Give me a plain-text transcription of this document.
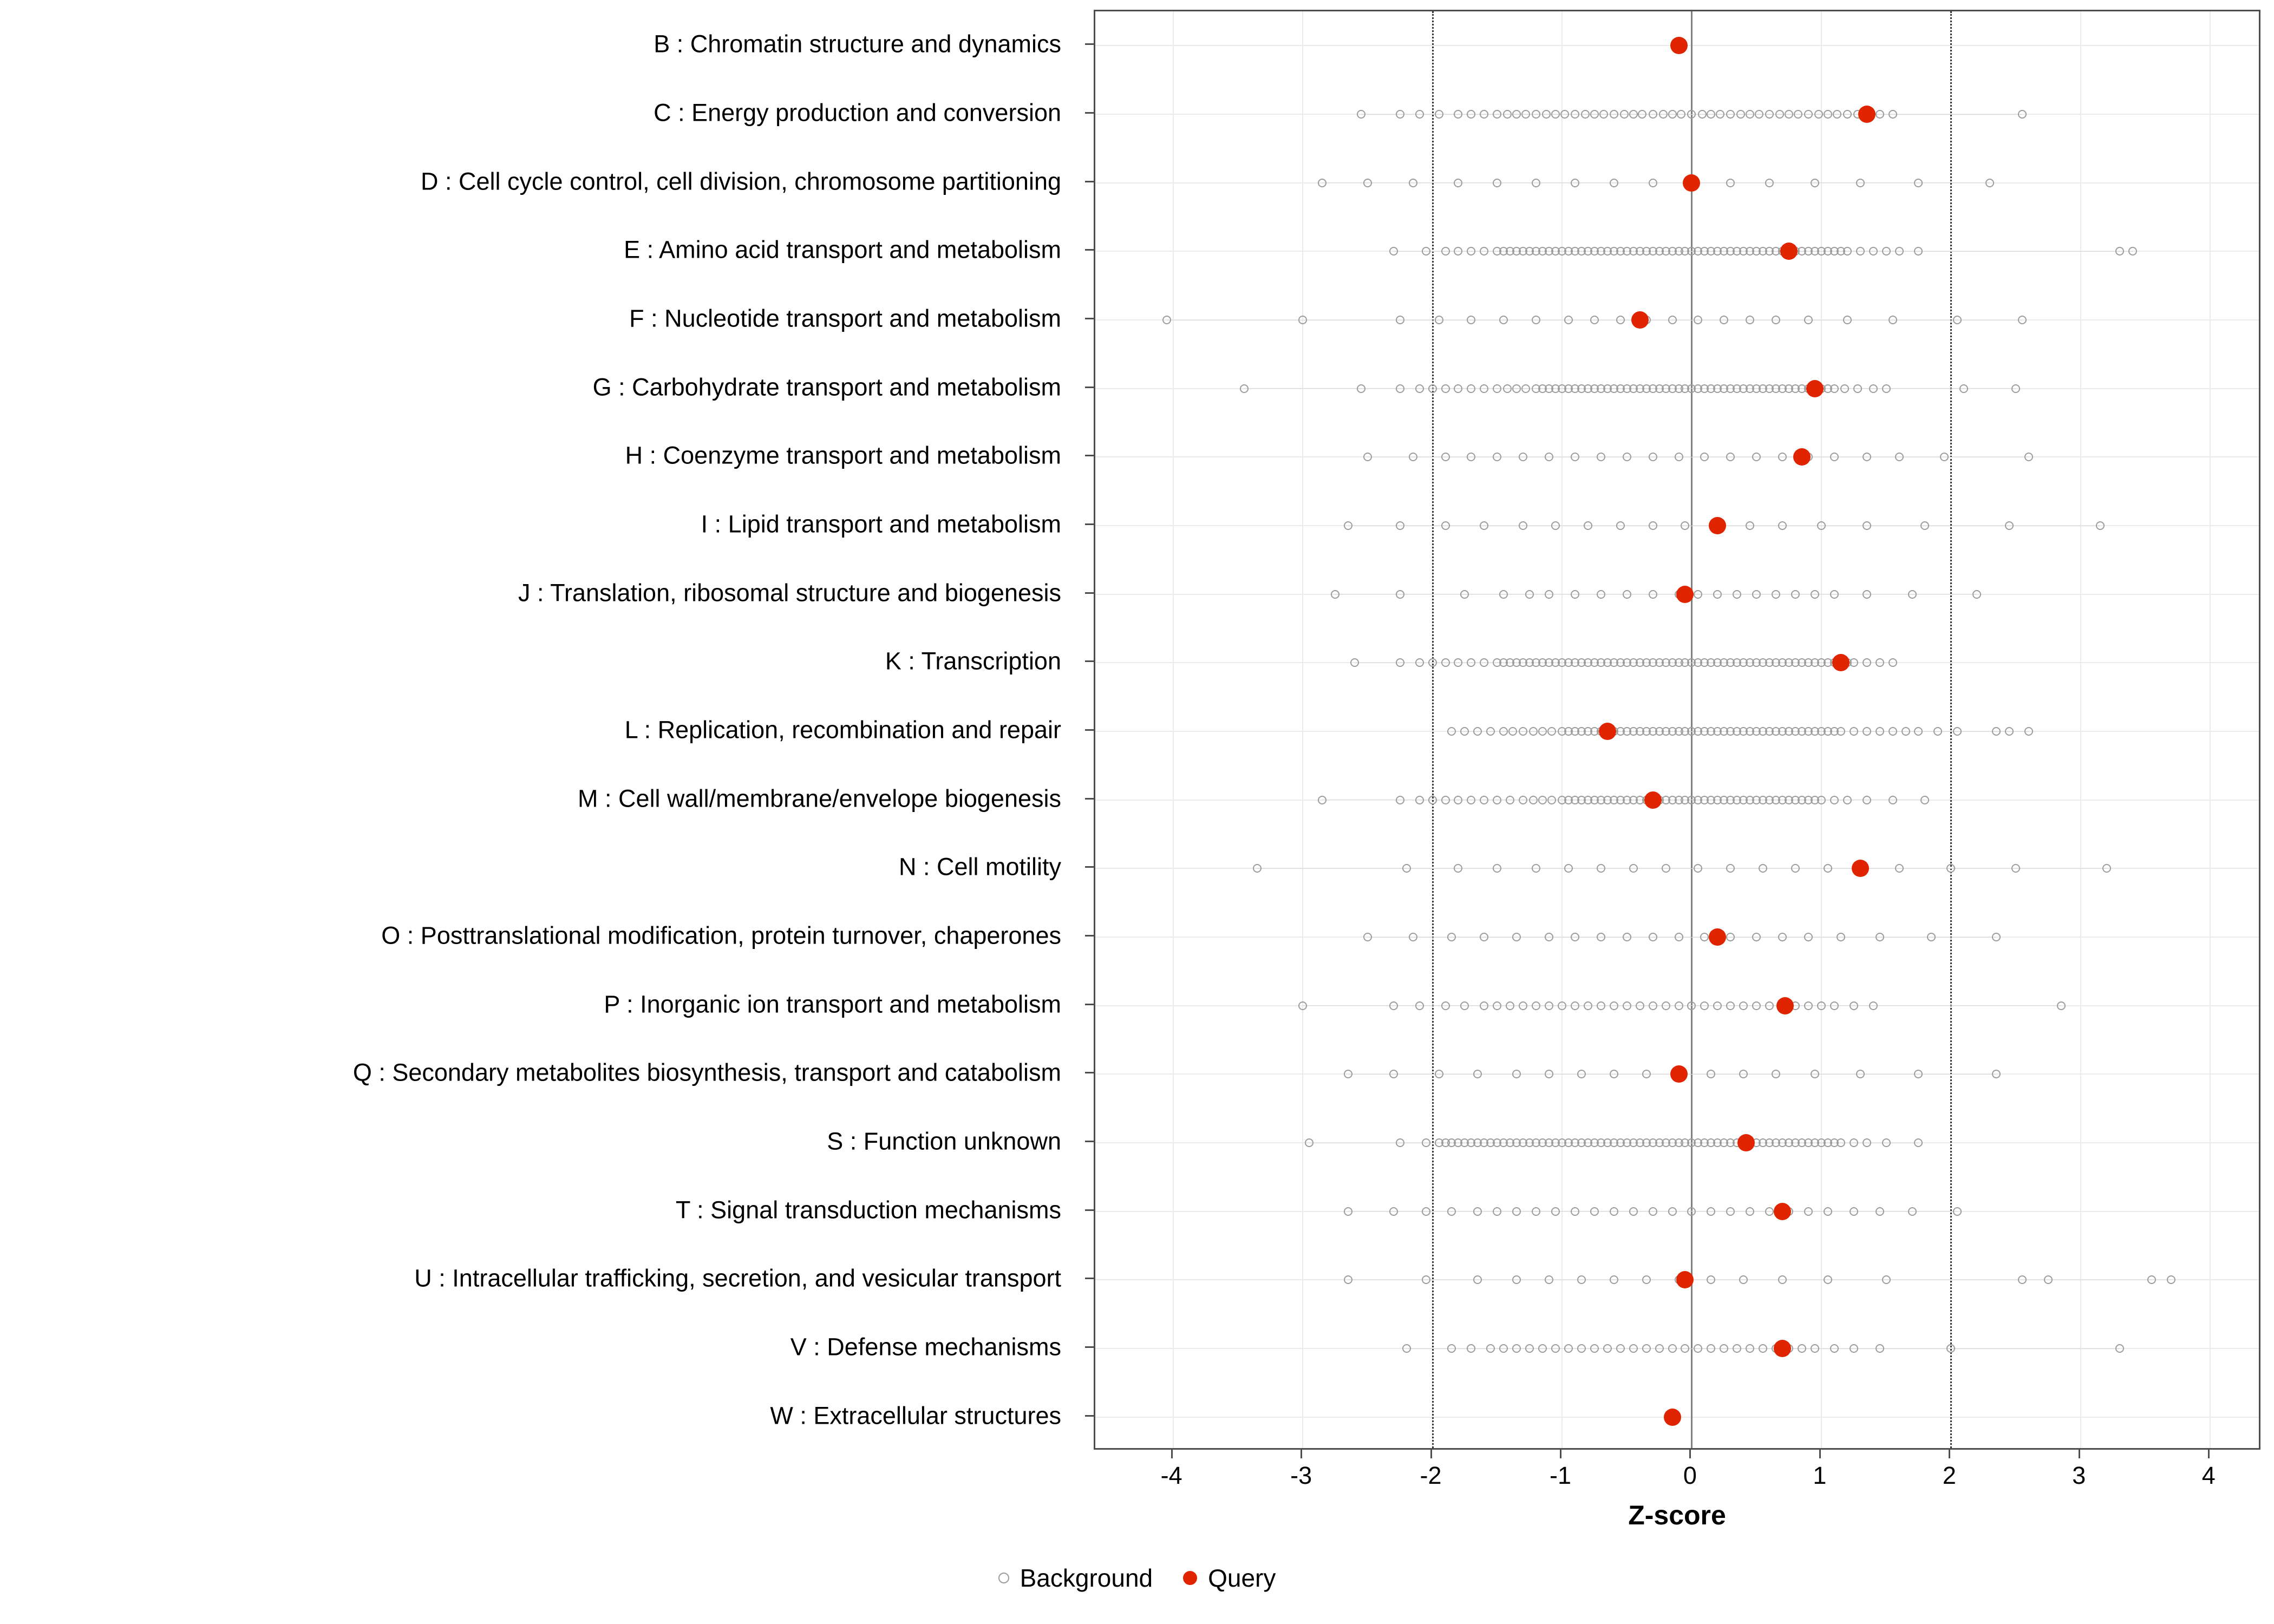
B : Chromatin structure and dynamics
C : Energy production and conversion
D : Cell cycle control, cell division, chromosome partitioning
E : Amino acid transport and metabolism
F : Nucleotide transport and metabolism
G : Carbohydrate transport and metabolism
H : Coenzyme transport and metabolism
I : Lipid transport and metabolism
J : Translation, ribosomal structure and biogenesis
K : Transcription
L : Replication, recombination and repair
M : Cell wall/membrane/envelope biogenesis
N : Cell motility
O : Posttranslational modification, protein turnover, chaperones
P : Inorganic ion transport and metabolism
Q : Secondary metabolites biosynthesis, transport and catabolism
S : Function unknown
T : Signal transduction mechanisms
U : Intracellular trafficking, secretion, and vesicular transport
V : Defense mechanisms
W : Extracellular structures
Z-score
Background Query
-4	-3	-2	-1	0	1	2	3	4
